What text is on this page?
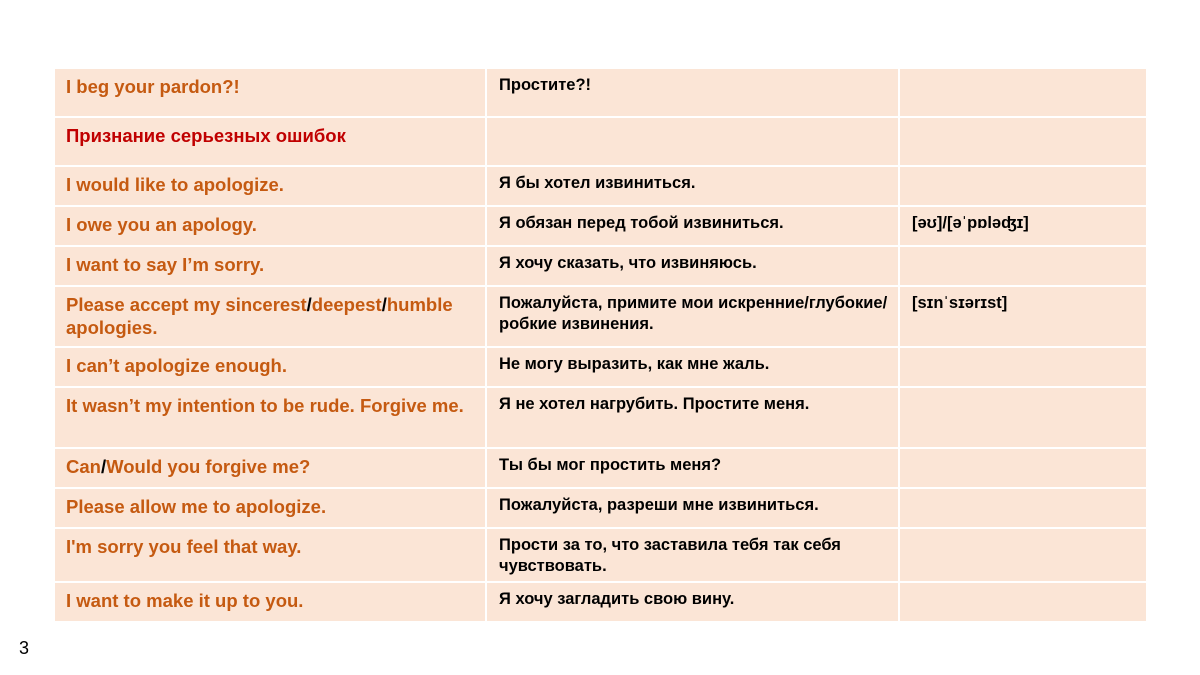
I beg your pardon?!	Простите?!	
Признание серьезных ошибок		
I would like to apologize.	Я бы хотел извиниться.	
I owe you an apology.	Я обязан перед тобой извиниться.	[əʊ]/[əˈpɒləʤɪ]
I want to say I’m sorry.	Я хочу сказать, что извиняюсь.	
Please accept my sincerest/deepest/humble apologies.	Пожалуйста, примите мои искренние/глубокие/робкие извинения.	[sɪnˈsɪərɪst]
I can’t apologize enough.	Не могу выразить, как мне жаль.	
It wasn’t my intention to be rude. Forgive me.	Я не хотел нагрубить. Простите меня.	
Can/Would you forgive me?	Ты бы мог простить меня?	
Please allow me to apologize.	Пожалуйста, разреши мне извиниться.	
I'm sorry you feel that way.	Прости за то, что заставила тебя так себя чувствовать.	
I want to make it up to you.	Я хочу загладить свою вину.	
3
